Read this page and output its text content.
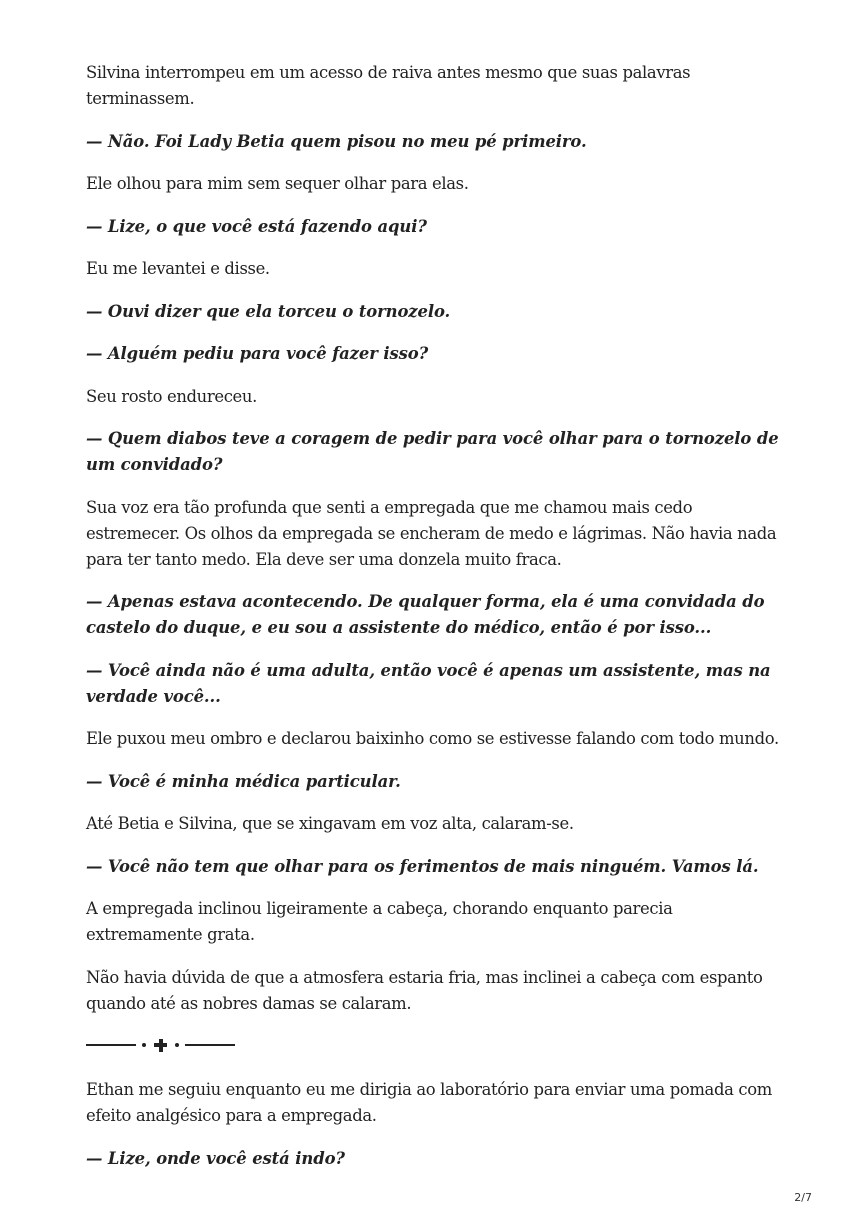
Silvina interrompeu em um acesso de raiva antes mesmo que suas palavras terminassem.

— Não. Foi Lady Betia quem pisou no meu pé primeiro.

Ele olhou para mim sem sequer olhar para elas.

— Lize, o que você está fazendo aqui?

Eu me levantei e disse.

— Ouvi dizer que ela torceu o tornozelo.

— Alguém pediu para você fazer isso?

Seu rosto endureceu.

— Quem diabos teve a coragem de pedir para você olhar para o tornozelo de um convidado?

Sua voz era tão profunda que senti a empregada que me chamou mais cedo estremecer. Os olhos da empregada se encheram de medo e lágrimas. Não havia nada para ter tanto medo. Ela deve ser uma donzela muito fraca.

— Apenas estava acontecendo. De qualquer forma, ela é uma convidada do castelo do duque, e eu sou a assistente do médico, então é por isso...

— Você ainda não é uma adulta, então você é apenas um assistente, mas na verdade você...

Ele puxou meu ombro e declarou baixinho como se estivesse falando com todo mundo.

— Você é minha médica particular.

Até Betia e Silvina, que se xingavam em voz alta, calaram-se.

— Você não tem que olhar para os ferimentos de mais ninguém. Vamos lá.

A empregada inclinou ligeiramente a cabeça, chorando enquanto parecia extremamente grata.

Não havia dúvida de que a atmosfera estaria fria, mas inclinei a cabeça com espanto quando até as nobres damas se calaram.

Ethan me seguiu enquanto eu me dirigia ao laboratório para enviar uma pomada com efeito analgésico para a empregada.

— Lize, onde você está indo?

2/7
